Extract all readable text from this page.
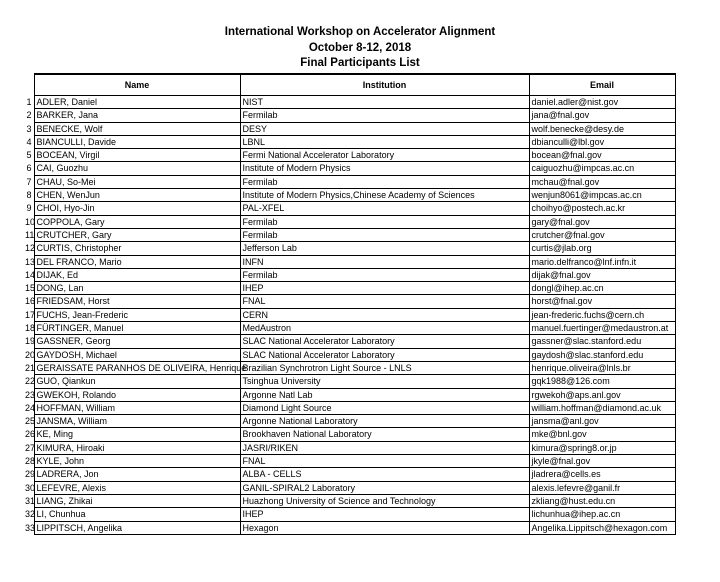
International Workshop on Accelerator Alignment
October 8-12, 2018
Final Participants List
	Name	Institution	Email
1	ADLER, Daniel	NIST	daniel.adler@nist.gov
2	BARKER, Jana	Fermilab	jana@fnal.gov
3	BENECKE, Wolf	DESY	wolf.benecke@desy.de
4	BIANCULLI, Davide	LBNL	dbianculli@lbl.gov
5	BOCEAN, Virgil	Fermi National Accelerator Laboratory	bocean@fnal.gov
6	CAI, Guozhu	Institute of Modern Physics	caiguozhu@impcas.ac.cn
7	CHAU, So-Mei	Fermilab	mchau@fnal.gov
8	CHEN, WenJun	Institute of Modern Physics,Chinese Academy of Sciences	wenjun8061@impcas.ac.cn
9	CHOI, Hyo-Jin	PAL-XFEL	choihyo@postech.ac.kr
10	COPPOLA, Gary	Fermilab	gary@fnal.gov
11	CRUTCHER, Gary	Fermilab	crutcher@fnal.gov
12	CURTIS, Christopher	Jefferson Lab	curtis@jlab.org
13	DEL FRANCO, Mario	INFN	mario.delfranco@lnf.infn.it
14	DIJAK, Ed	Fermilab	dijak@fnal.gov
15	DONG, Lan	IHEP	dongl@ihep.ac.cn
16	FRIEDSAM, Horst	FNAL	horst@fnal.gov
17	FUCHS, Jean-Frederic	CERN	jean-frederic.fuchs@cern.ch
18	FÜRTINGER, Manuel	MedAustron	manuel.fuertinger@medaustron.at
19	GASSNER, Georg	SLAC National Accelerator Laboratory	gassner@slac.stanford.edu
20	GAYDOSH, Michael	SLAC National Accelerator Laboratory	gaydosh@slac.stanford.edu
21	GERAISSATE PARANHOS DE OLIVEIRA, Henrique	Brazilian Synchrotron Light Source - LNLS	henrique.oliveira@lnls.br
22	GUO, Qiankun	Tsinghua University	gqk1988@126.com
23	GWEKOH, Rolando	Argonne Natl Lab	rgwekoh@aps.anl.gov
24	HOFFMAN, William	Diamond Light Source	william.hoffman@diamond.ac.uk
25	JANSMA, William	Argonne National Laboratory	jansma@anl.gov
26	KE, Ming	Brookhaven National Laboratory	mke@bnl.gov
27	KIMURA, Hiroaki	JASRI/RIKEN	kimura@spring8.or.jp
28	KYLE, John	FNAL	jkyle@fnal.gov
29	LADRERA, Jon	ALBA - CELLS	jladrera@cells.es
30	LEFEVRE, Alexis	GANIL-SPIRAL2 Laboratory	alexis.lefevre@ganil.fr
31	LIANG, Zhikai	Huazhong University of Science and Technology	zkliang@hust.edu.cn
32	LI, Chunhua	IHEP	lichunhua@ihep.ac.cn
33	LIPPITSCH, Angelika	Hexagon	Angelika.Lippitsch@hexagon.com
